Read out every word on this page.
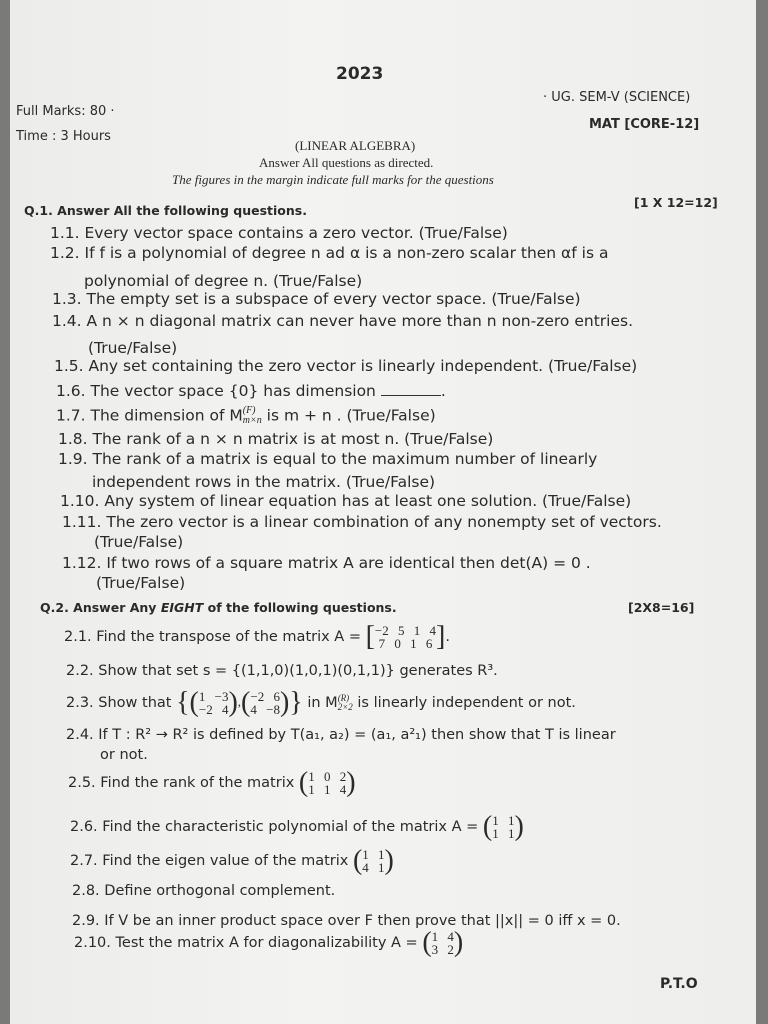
2023
Full Marks: 80 ·
Time : 3 Hours
· UG. SEM-V (SCIENCE)
MAT [CORE-12]
(LINEAR ALGEBRA)
Answer All questions as directed.
The figures in the margin indicate full marks for the questions
Q.1. Answer All the following questions.
[1 X 12=12]
1.1. Every vector space contains a zero vector. (True/False)
1.2. If f is a polynomial of degree n ad α is a non-zero scalar then αf is a
polynomial of degree n. (True/False)
1.3. The empty set is a subspace of every vector space. (True/False)
1.4. A n × n diagonal matrix can never have more than n non-zero entries.
(True/False)
1.5. Any set containing the zero vector is linearly independent. (True/False)
1.6. The vector space {0} has dimension	.
1.7. The dimension of M (F)
m×n is m + n . (True/False)
1.8. The rank of a n × n matrix is at most n. (True/False)
1.9. The rank of a matrix is equal to the maximum number of linearly
independent rows in the matrix. (True/False)
1.10. Any system of linear equation has at least one solution. (True/False)
1.11. The zero vector is a linear combination of any nonempty set of vectors.
(True/False)
1.12. If two rows of a square matrix A are identical then det(A) = 0 .
(True/False)
Q.2. Answer Any EIGHT of the following questions.	[2X8=16]
2.1. Find the transpose of the matrix A = [ −2 5 1 4
7 0 1 6 ].
2.2. Show that set s = {(1,1,0)(1,0,1)(0,1,1)} generates R³.
2.3. Show that {( 1 −3
−2 4 ),( −2 6
4 −8 )} in M (R)
2×2 is linearly independent or not.
2.4. If T : R² → R² is defined by T(a₁, a₂) = (a₁, a²₁) then show that T is linear
or not.
2.5. Find the rank of the matrix ( 1 0 2
1 1 4 )
2.6. Find the characteristic polynomial of the matrix A = ( 1 1
1 1 )
2.7. Find the eigen value of the matrix ( 1 1
4 1 )
2.8. Define orthogonal complement.
2.9. If V be an inner product space over F then prove that ||x|| = 0 iff x = 0.
2.10. Test the matrix A for diagonalizability A = ( 1 4
3 2 )
P.T.O
